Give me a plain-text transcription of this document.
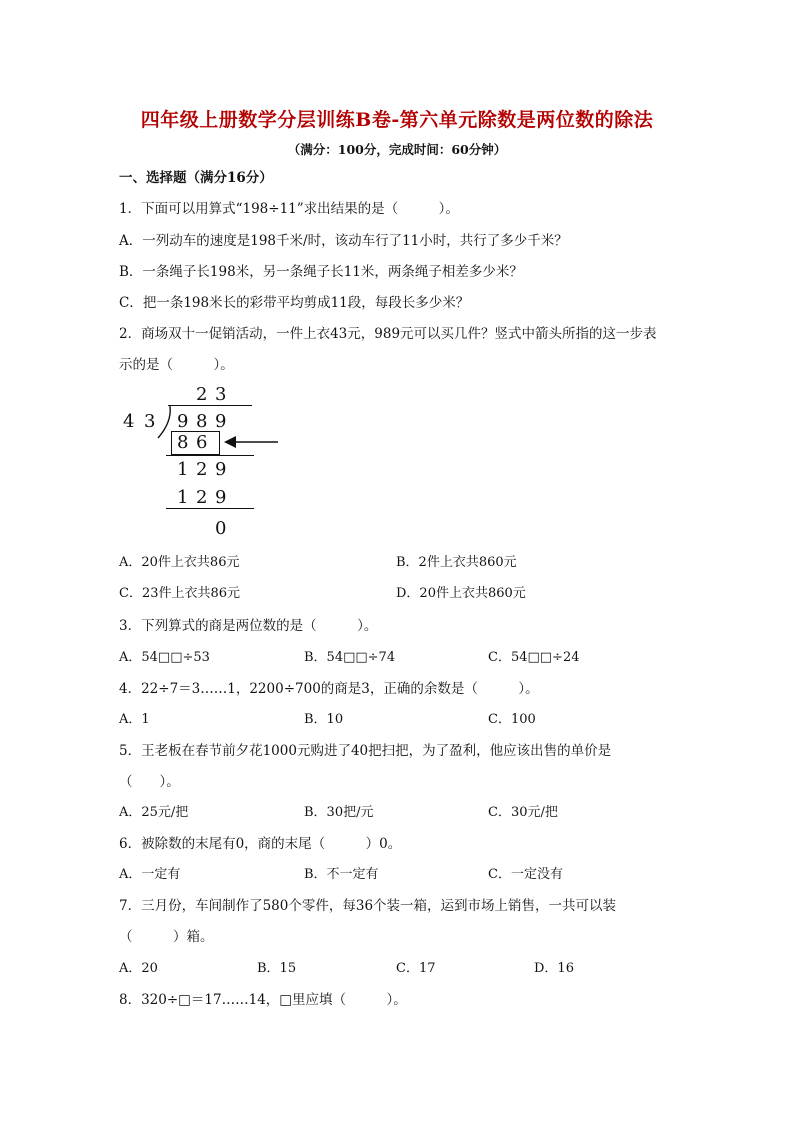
四年级上册数学分层训练B卷-第六单元除数是两位数的除法
（满分：100分，完成时间：60分钟）
一、选择题（满分16分）
1．下面可以用算式“198÷11”求出结果的是（　　　）。
A．一列动车的速度是198千米/时，该动车行了11小时，共行了多少千米？
B．一条绳子长198米，另一条绳子长11米，两条绳子相差多少米？
C．把一条198米长的彩带平均剪成11段，每段长多少米？
2．商场双十一促销活动，一件上衣43元，989元可以买几件？竖式中箭头所指的这一步表
示的是（　　　）。
2 3
4 3 9 8 9
8 6
1 2 9
1 2 9
0
A．20件上衣共86元	B．2件上衣共860元
C．23件上衣共86元	D．20件上衣共860元
3．下列算式的商是两位数的是（　　　）。
A．54□□÷53	B．54□□÷74	C．54□□÷24
4．22÷7＝3……1，2200÷700的商是3，正确的余数是（　　　）。
A．1	B．10	C．100
5．王老板在春节前夕花1000元购进了40把扫把，为了盈利，他应该出售的单价是
（　　）。
A．25元/把	B．30把/元	C．30元/把
6．被除数的末尾有0，商的末尾（　　　）0。
A．一定有	B．不一定有	C．一定没有
7．三月份，车间制作了580个零件，每36个装一箱，运到市场上销售，一共可以装
（　　　）箱。
A．20	B．15	C．17	D．16
8．320÷□＝17……14，□里应填（　　　）。
